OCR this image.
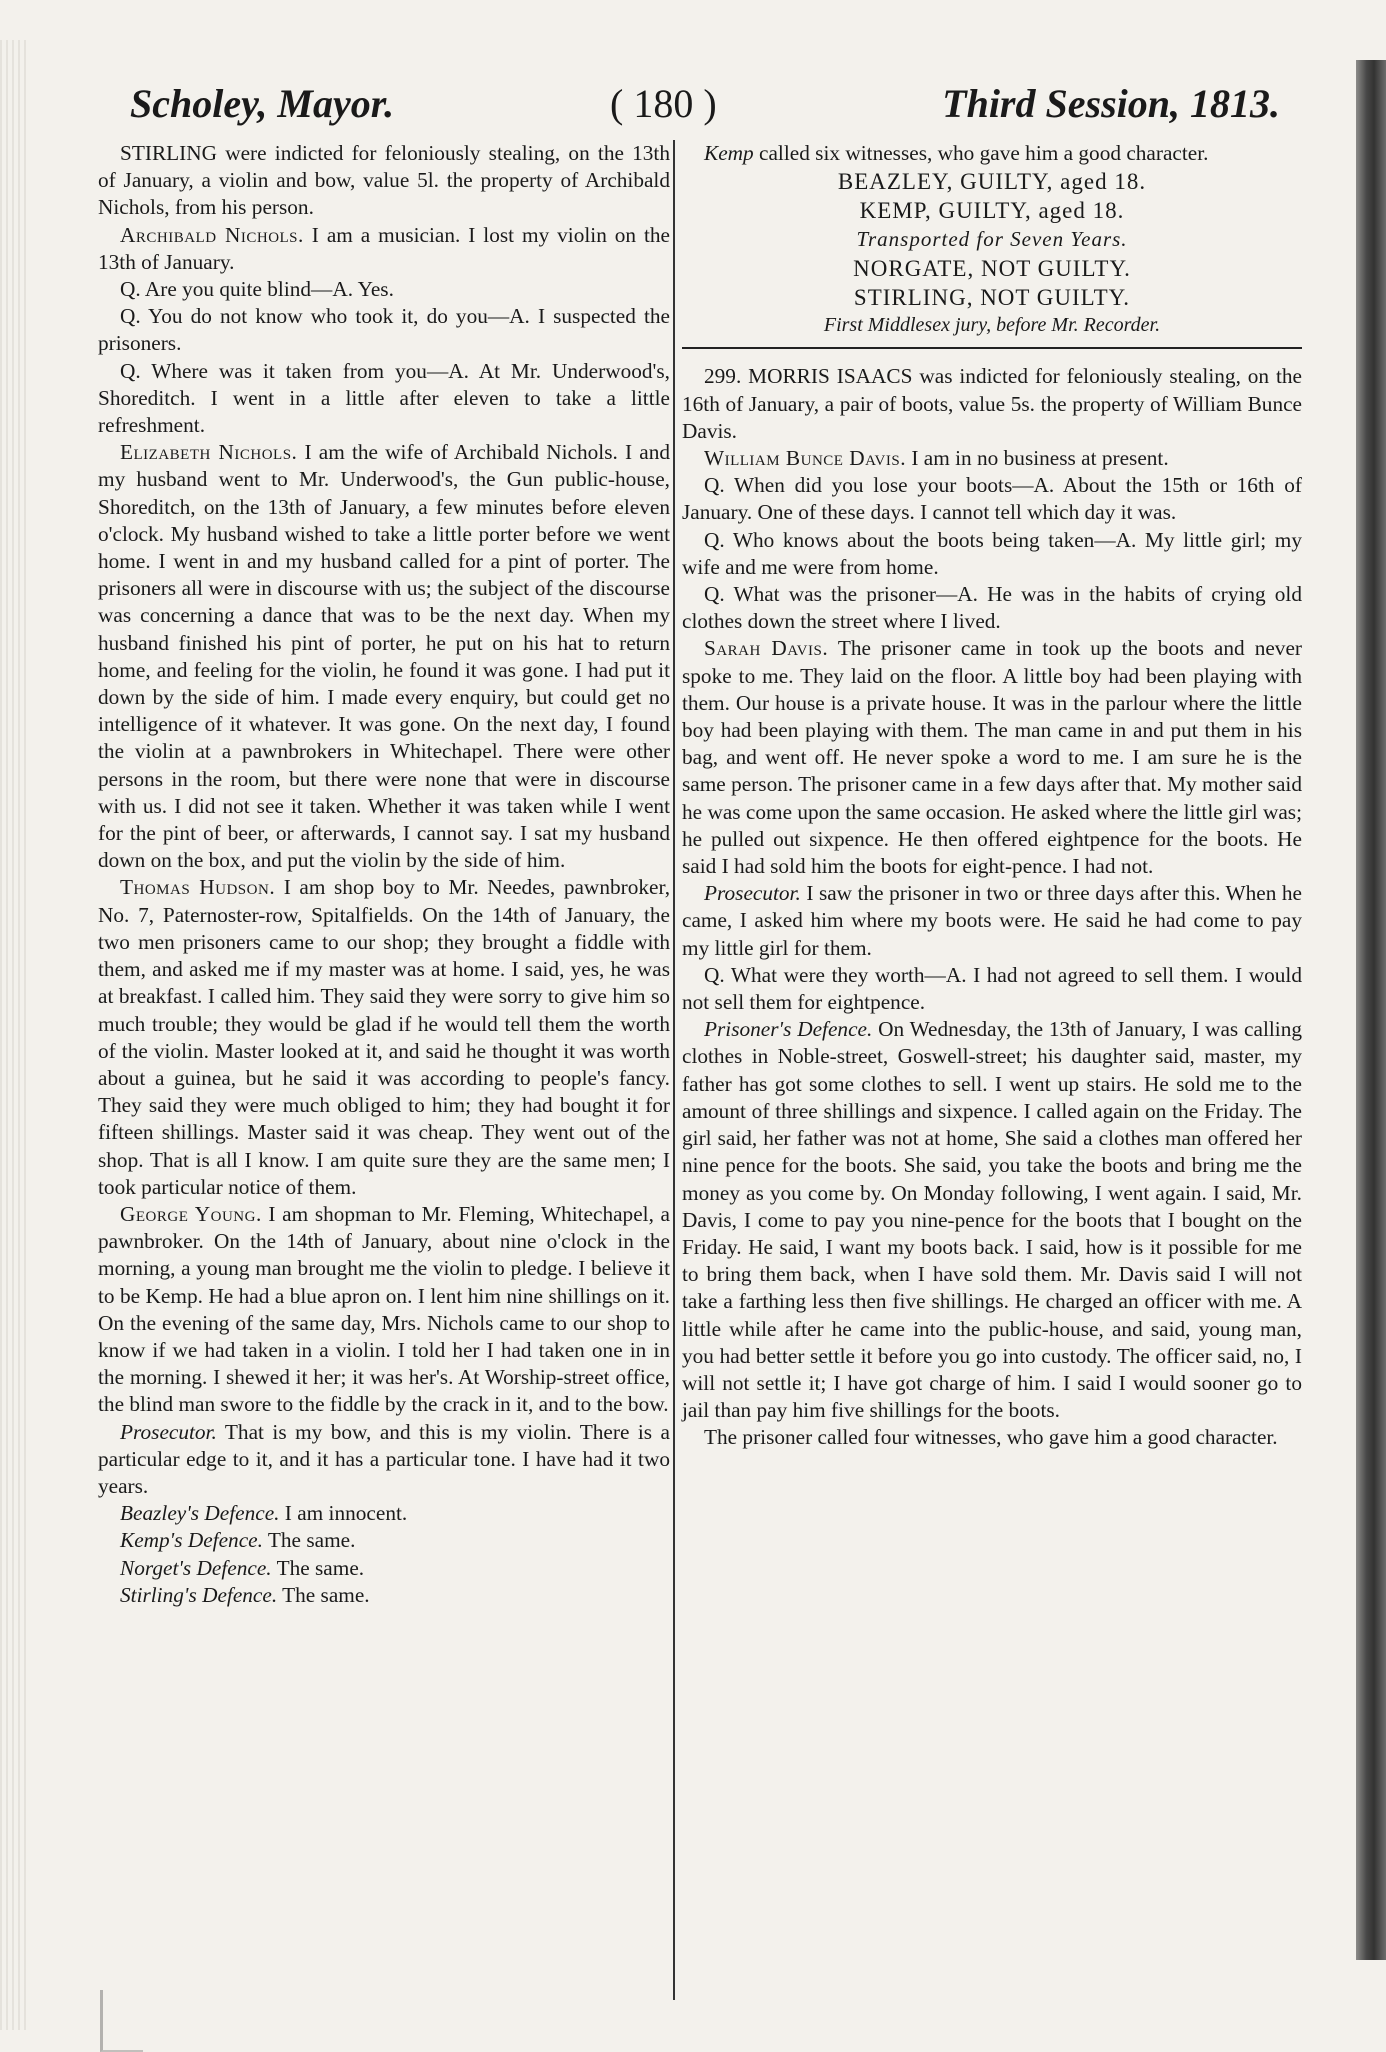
Scholey, Mayor.	( 180 )	Third Session, 1813.

STIRLING were indicted for feloniously stealing, on the 13th of January, a violin and bow, value 5l. the property of Archibald Nichols, from his person.

Archibald Nichols. I am a musician. I lost my violin on the 13th of January.

Q. Are you quite blind—A. Yes.

Q. You do not know who took it, do you—A. I suspected the prisoners.

Q. Where was it taken from you—A. At Mr. Underwood's, Shoreditch. I went in a little after eleven to take a little refreshment.

Elizabeth Nichols. I am the wife of Archibald Nichols. I and my husband went to Mr. Underwood's, the Gun public-house, Shoreditch, on the 13th of January, a few minutes before eleven o'clock. My husband wished to take a little porter before we went home. I went in and my husband called for a pint of porter. The prisoners all were in discourse with us; the subject of the discourse was concerning a dance that was to be the next day. When my husband finished his pint of porter, he put on his hat to return home, and feeling for the violin, he found it was gone. I had put it down by the side of him. I made every enquiry, but could get no intelligence of it whatever. It was gone. On the next day, I found the violin at a pawnbrokers in Whitechapel. There were other persons in the room, but there were none that were in discourse with us. I did not see it taken. Whether it was taken while I went for the pint of beer, or afterwards, I cannot say. I sat my husband down on the box, and put the violin by the side of him.

Thomas Hudson. I am shop boy to Mr. Needes, pawnbroker, No. 7, Paternoster-row, Spitalfields. On the 14th of January, the two men prisoners came to our shop; they brought a fiddle with them, and asked me if my master was at home. I said, yes, he was at breakfast. I called him. They said they were sorry to give him so much trouble; they would be glad if he would tell them the worth of the violin. Master looked at it, and said he thought it was worth about a guinea, but he said it was according to people's fancy. They said they were much obliged to him; they had bought it for fifteen shillings. Master said it was cheap. They went out of the shop. That is all I know. I am quite sure they are the same men; I took particular notice of them.

George Young. I am shopman to Mr. Fleming, Whitechapel, a pawnbroker. On the 14th of January, about nine o'clock in the morning, a young man brought me the violin to pledge. I believe it to be Kemp. He had a blue apron on. I lent him nine shillings on it. On the evening of the same day, Mrs. Nichols came to our shop to know if we had taken in a violin. I told her I had taken one in in the morning. I shewed it her; it was her's. At Worship-street office, the blind man swore to the fiddle by the crack in it, and to the bow.

Prosecutor. That is my bow, and this is my violin. There is a particular edge to it, and it has a particular tone. I have had it two years.

Beazley's Defence. I am innocent.

Kemp's Defence. The same.

Norget's Defence. The same.

Stirling's Defence. The same.

Kemp called six witnesses, who gave him a good character.

BEAZLEY, GUILTY, aged 18.
KEMP, GUILTY, aged 18.
Transported for Seven Years.
NORGATE, NOT GUILTY.
STIRLING, NOT GUILTY.
First Middlesex jury, before Mr. Recorder.

299. MORRIS ISAACS was indicted for feloniously stealing, on the 16th of January, a pair of boots, value 5s. the property of William Bunce Davis.

William Bunce Davis. I am in no business at present.

Q. When did you lose your boots—A. About the 15th or 16th of January. One of these days. I cannot tell which day it was.

Q. Who knows about the boots being taken—A. My little girl; my wife and me were from home.

Q. What was the prisoner—A. He was in the habits of crying old clothes down the street where I lived.

Sarah Davis. The prisoner came in took up the boots and never spoke to me. They laid on the floor. A little boy had been playing with them. Our house is a private house. It was in the parlour where the little boy had been playing with them. The man came in and put them in his bag, and went off. He never spoke a word to me. I am sure he is the same person. The prisoner came in a few days after that. My mother said he was come upon the same occasion. He asked where the little girl was; he pulled out sixpence. He then offered eightpence for the boots. He said I had sold him the boots for eight-pence. I had not.

Prosecutor. I saw the prisoner in two or three days after this. When he came, I asked him where my boots were. He said he had come to pay my little girl for them.

Q. What were they worth—A. I had not agreed to sell them. I would not sell them for eightpence.

Prisoner's Defence. On Wednesday, the 13th of January, I was calling clothes in Noble-street, Goswell-street; his daughter said, master, my father has got some clothes to sell. I went up stairs. He sold me to the amount of three shillings and sixpence. I called again on the Friday. The girl said, her father was not at home, She said a clothes man offered her nine pence for the boots. She said, you take the boots and bring me the money as you come by. On Monday following, I went again. I said, Mr. Davis, I come to pay you nine-pence for the boots that I bought on the Friday. He said, I want my boots back. I said, how is it possible for me to bring them back, when I have sold them. Mr. Davis said I will not take a farthing less then five shillings. He charged an officer with me. A little while after he came into the public-house, and said, young man, you had better settle it before you go into custody. The officer said, no, I will not settle it; I have got charge of him. I said I would sooner go to jail than pay him five shillings for the boots.

The prisoner called four witnesses, who gave him a good character.
